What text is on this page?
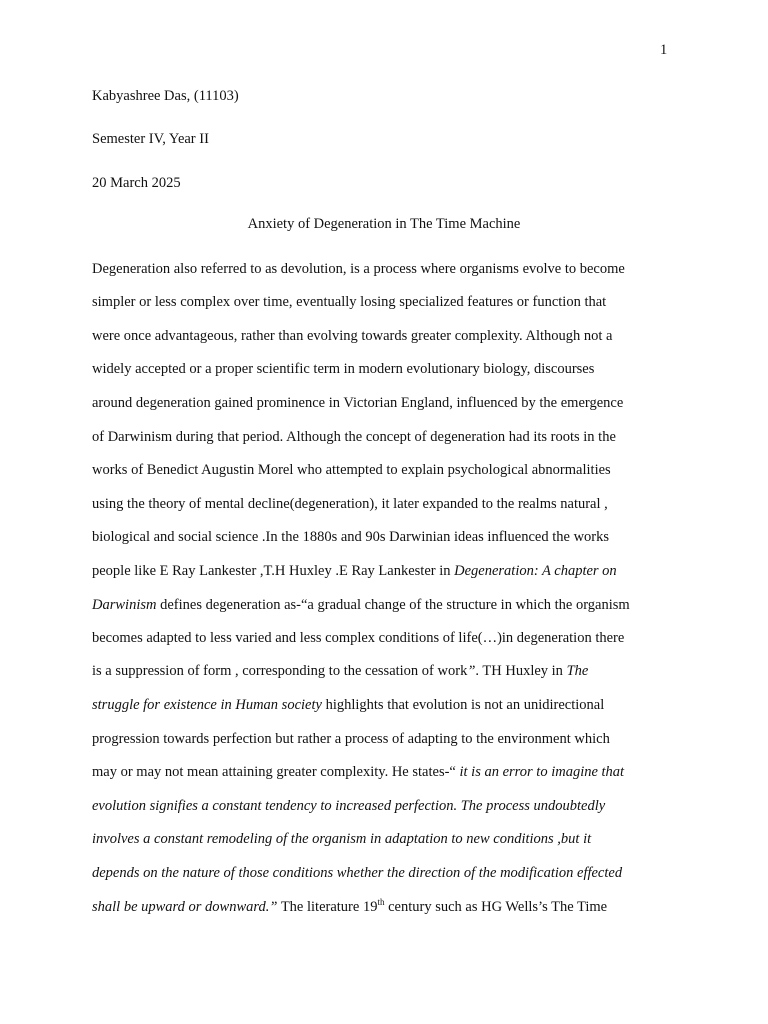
1
Kabyashree Das, (11103)
Semester IV, Year II
20 March 2025
Anxiety of Degeneration in The Time Machine
Degeneration also referred to as devolution, is a process where organisms evolve to become
simpler or less complex over time, eventually losing specialized features or function that
were once advantageous, rather than evolving towards greater complexity. Although not a
widely accepted or a proper scientific term in modern evolutionary biology, discourses
around degeneration gained prominence in Victorian England, influenced by the emergence
of Darwinism during that period. Although the concept of degeneration had its roots in the
works of Benedict Augustin Morel who attempted to explain psychological abnormalities
using the theory of mental decline(degeneration), it later expanded to the realms natural ,
biological and social science .In the 1880s and 90s Darwinian ideas influenced the works
people like E Ray Lankester ,T.H Huxley .E Ray Lankester in Degeneration: A chapter on
Darwinism defines degeneration as-“a gradual change of the structure in which the organism
becomes adapted to less varied and less complex conditions of life(…)in degeneration there
is a suppression of form , corresponding to the cessation of work”. TH Huxley in The
struggle for existence in Human society highlights that evolution is not an unidirectional
progression towards perfection but rather a process of adapting to the environment which
may or may not mean attaining greater complexity. He states-“ it is an error to imagine that
evolution signifies a constant tendency to increased perfection. The process undoubtedly
involves a constant remodeling of the organism in adaptation to new conditions ,but it
depends on the nature of those conditions whether the direction of the modification effected
shall be upward or downward.” The literature 19th century such as HG Wells’s The Time
